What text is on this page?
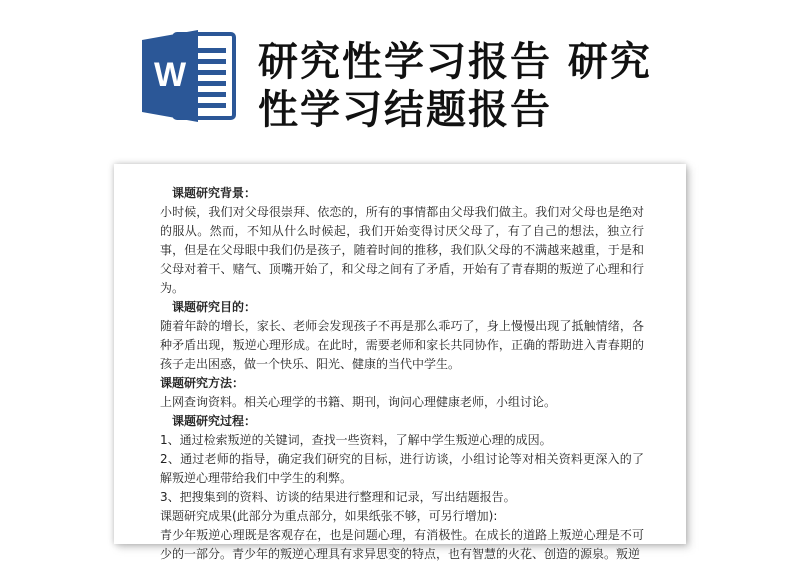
W 研究性学习报告 研究性学习结题报告

课题研究背景：

小时候，我们对父母很崇拜、依恋的，所有的事情都由父母我们做主。我们对父母也是绝对的服从。然而，不知从什么时候起，我们开始变得讨厌父母了，有了自己的想法，独立行事，但是在父母眼中我们仍是孩子，随着时间的推移，我们队父母的不满越来越重，于是和父母对着干、赌气、顶嘴开始了，和父母之间有了矛盾，开始有了青春期的叛逆了心理和行为。

课题研究目的：

随着年龄的增长，家长、老师会发现孩子不再是那么乖巧了，身上慢慢出现了抵触情绪，各种矛盾出现，叛逆心理形成。在此时，需要老师和家长共同协作，正确的帮助进入青春期的孩子走出困惑，做一个快乐、阳光、健康的当代中学生。

课题研究方法：

上网查询资料。相关心理学的书籍、期刊，询问心理健康老师，小组讨论。

课题研究过程：

1、通过检索叛逆的关键词，查找一些资料，了解中学生叛逆心理的成因。

2、通过老师的指导，确定我们研究的目标，进行访谈，小组讨论等对相关资料更深入的了解叛逆心理带给我们中学生的利弊。

3、把搜集到的资料、访谈的结果进行整理和记录，写出结题报告。

课题研究成果(此部分为重点部分，如果纸张不够，可另行增加):

青少年叛逆心理既是客观存在，也是问题心理，有消极性。在成长的道路上叛逆心理是不可少的一部分。青少年的叛逆心理具有求异思变的特点，也有智慧的火花、创造的源泉。叛逆
